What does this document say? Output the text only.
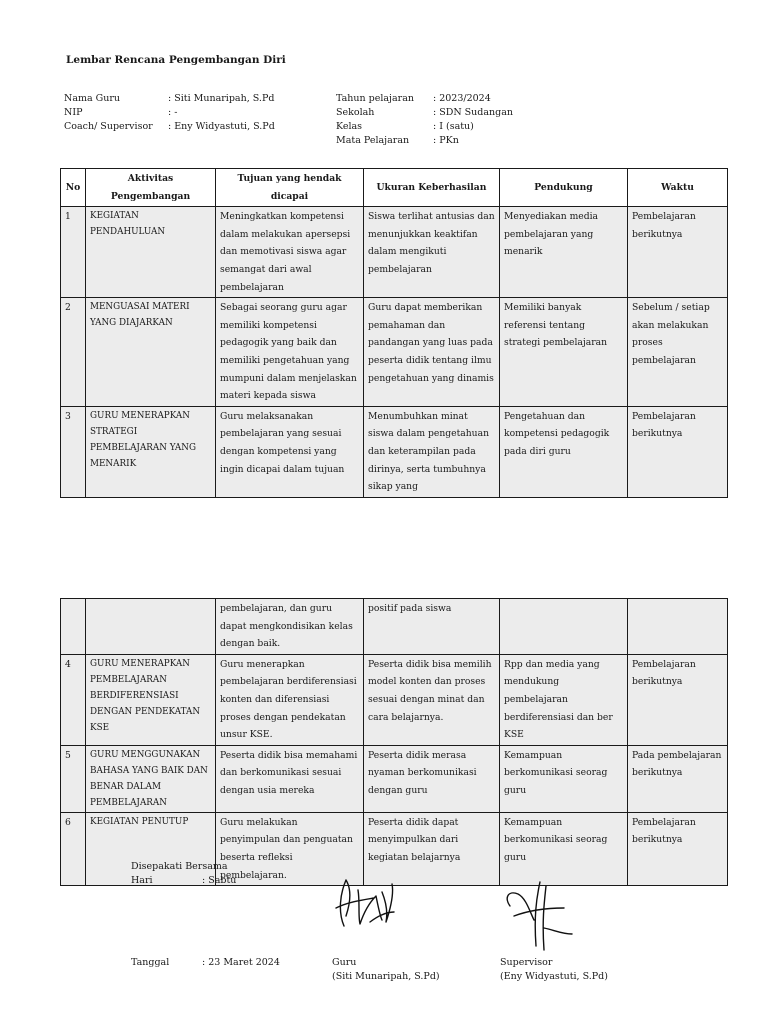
Lembar Rencana Pengembangan Diri
Nama Guru	: Siti Munaripah, S.Pd
NIP	: -
Coach/ Supervisor	: Eny Widyastuti, S.Pd
Tahun pelajaran	: 2023/2024
Sekolah	: SDN Sudangan
Kelas	: I (satu)
Mata Pelajaran	: PKn
No	Aktivitas Pengembangan	Tujuan yang hendak dicapai	Ukuran Keberhasilan	Pendukung	Waktu
1	KEGIATAN PENDAHULUAN	Meningkatkan kompetensi dalam melakukan apersepsi dan memotivasi siswa agar semangat dari awal pembelajaran	Siswa terlihat antusias dan menunjukkan keaktifan dalam mengikuti pembelajaran	Menyediakan media pembelajaran yang menarik	Pembelajaran berikutnya
2	MENGUASAI MATERI YANG DIAJARKAN	Sebagai seorang guru agar memiliki kompetensi pedagogik yang baik dan memiliki pengetahuan yang mumpuni dalam menjelaskan materi kepada siswa	Guru dapat memberikan pemahaman dan pandangan yang luas pada peserta didik tentang ilmu pengetahuan yang dinamis	Memiliki banyak referensi tentang strategi pembelajaran	Sebelum / setiap akan melakukan proses pembelajaran
3	GURU MENERAPKAN STRATEGI PEMBELAJARAN YANG MENARIK	Guru melaksanakan pembelajaran yang sesuai dengan kompetensi yang ingin dicapai dalam tujuan	Menumbuhkan minat siswa dalam pengetahuan dan keterampilan pada dirinya, serta tumbuhnya sikap yang	Pengetahuan dan kompetensi pedagogik pada diri guru	Pembelajaran berikutnya
		pembelajaran, dan guru dapat mengkondisikan kelas dengan baik.	positif pada siswa		
4	GURU MENERAPKAN PEMBELAJARAN BERDIFERENSIASI DENGAN PENDEKATAN KSE	Guru menerapkan pembelajaran berdiferensiasi konten dan diferensiasi proses dengan pendekatan unsur KSE.	Peserta didik bisa memilih model konten dan proses sesuai dengan minat dan cara belajarnya.	Rpp dan media yang mendukung pembelajaran berdiferensiasi dan ber KSE	Pembelajaran berikutnya
5	GURU MENGGUNAKAN BAHASA YANG BAIK DAN BENAR DALAM PEMBELAJARAN	Peserta didik bisa memahami dan berkomunikasi sesuai dengan usia mereka	Peserta didik merasa nyaman berkomunikasi dengan guru	Kemampuan berkomunikasi seorag guru	Pada pembelajaran berikutnya
6	KEGIATAN PENUTUP	Guru melakukan penyimpulan dan penguatan beserta refleksi pembelajaran.	Peserta didik dapat menyimpulkan dari kegiatan belajarnya	Kemampuan berkomunikasi seorag guru	Pembelajaran berikutnya
Disepakati Bersama
Hari	: Sabtu
Tanggal	: 23 Maret 2024	Guru
(Siti Munaripah, S.Pd)
Supervisor
(Eny Widyastuti, S.Pd)
